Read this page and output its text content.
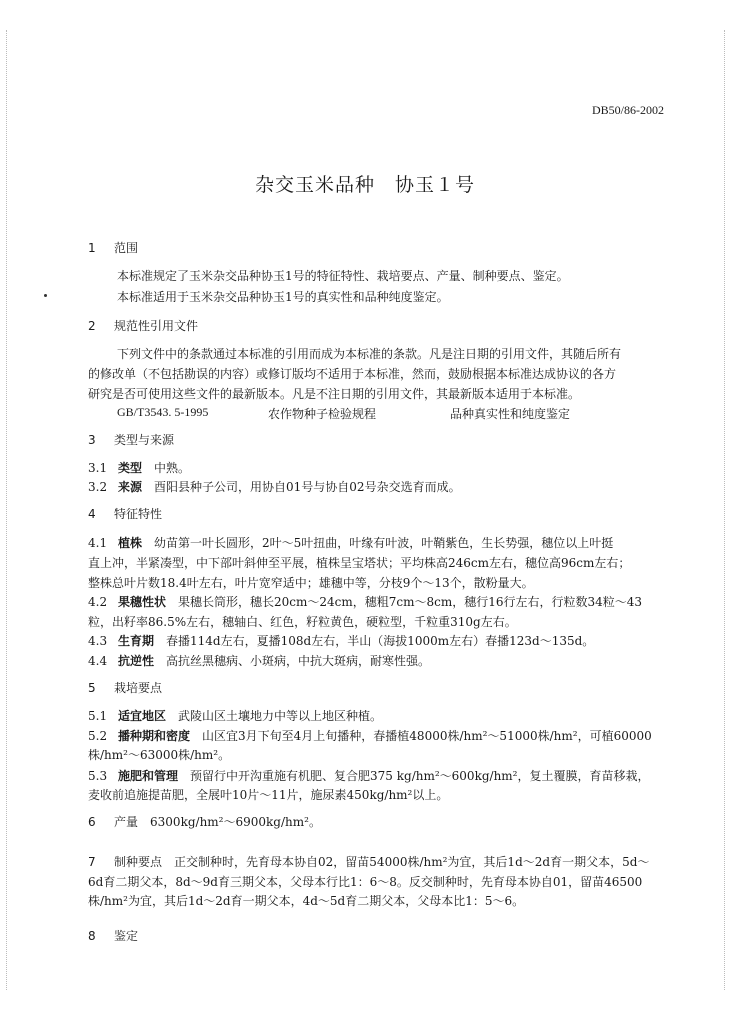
DB50/86-2002
杂交玉米品种　协玉１号
1 范围
本标准规定了玉米杂交品种协玉1号的特征特性、栽培要点、产量、制种要点、鉴定。
本标准适用于玉米杂交品种协玉1号的真实性和品种纯度鉴定。
2 规范性引用文件
下列文件中的条款通过本标准的引用而成为本标准的条款。凡是注日期的引用文件，其随后所有
的修改单（不包括勘误的内容）或修订版均不适用于本标准，然而，鼓励根据本标准达成协议的各方
研究是否可使用这些文件的最新版本。凡是不注日期的引用文件，其最新版本适用于本标准。
GB/T3543. 5-1995	农作物种子检验规程	品种真实性和纯度鉴定
3 类型与来源
3.1 类型　 中熟。
3.2 来源　 酉阳县种子公司，用协自01号与协自02号杂交选育而成。
4 特征特性
4.1 植株　 幼苗第一叶长圆形，2叶～5叶扭曲，叶缘有叶波，叶鞘紫色，生长势强，穗位以上叶挺
直上冲，半紧凑型，中下部叶斜伸至平展，植株呈宝塔状；平均株高246cm左右，穗位高96cm左右；
整株总叶片数18.4叶左右，叶片宽窄适中；雄穗中等，分枝9个～13个，散粉量大。
4.2 果穗性状　 果穗长筒形，穗长20cm～24cm，穗粗7cm～8cm，穗行16行左右，行粒数34粒～43
粒，出籽率86.5%左右，穗轴白、红色，籽粒黄色，硬粒型，千粒重310g左右。
4.3 生育期　 春播114d左右，夏播108d左右，半山（海拔1000m左右）春播123d～135d。
4.4 抗逆性　 高抗丝黑穗病、小斑病，中抗大斑病，耐寒性强。
5 栽培要点
5.1 适宜地区　 武陵山区土壤地力中等以上地区种植。
5.2 播种期和密度　 山区宜3月下旬至4月上旬播种，春播植48000株/hm²～51000株/hm²，可植60000
株/hm²～63000株/hm²。
5.3 施肥和管理　 预留行中开沟重施有机肥、复合肥375 kg/hm²～600kg/hm²，复土覆膜，育苗移栽，
麦收前追施提苗肥，全展叶10片～11片，施尿素450kg/hm²以上。
6 产量　 6300kg/hm²～6900kg/hm²。
7 制种要点　 正交制种时，先育母本协自02，留苗54000株/hm²为宜，其后1d～2d育一期父本，5d～
6d育二期父本，8d～9d育三期父本，父母本行比1：6～8。反交制种时，先育母本协自01，留苗46500
株/hm²为宜，其后1d～2d育一期父本，4d～5d育二期父本，父母本比1：5～6。
8 鉴定
